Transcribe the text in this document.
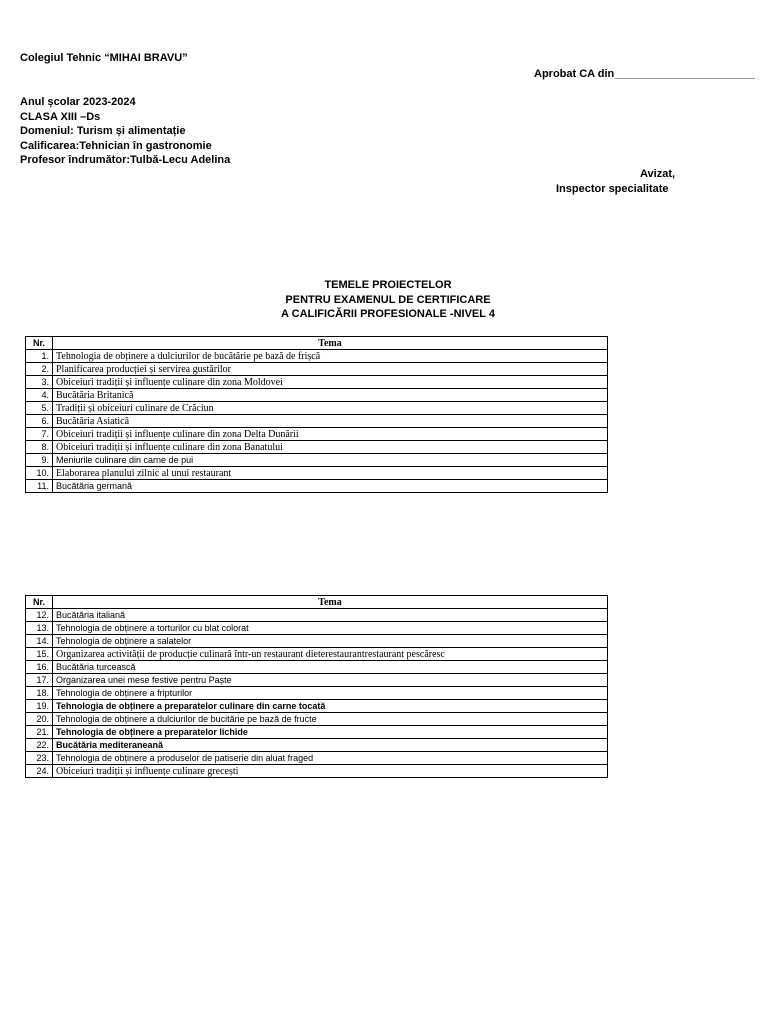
Colegiul Tehnic “MIHAI BRAVU”
Aprobat CA din_______________________
Anul școlar 2023-2024
CLASA XIII –Ds
Domeniul: Turism și alimentație
Calificarea:Tehnician în gastronomie
Profesor îndrumător:Tulbă-Lecu Adelina
Avizat,
Inspector specialitate
TEMELE PROIECTELOR
PENTRU EXAMENUL DE CERTIFICARE
A CALIFICĂRII PROFESIONALE -NIVEL 4
Nr.	Tema
1.	Tehnologia de obținere a dulciurilor de bucătărie pe bază de frișcă
2.	Planificarea producției și servirea gustărilor
3.	Obiceiuri tradiții și influențe culinare din zona Moldovei
4.	Bucătăria Britanică
5.	Tradiții și obiceiuri culinare de Crăciun
6.	Bucătăria Asiatică
7.	Obiceiuri tradiții și influențe culinare din zona Delta Dunării
8.	Obiceiuri tradiții și influențe culinare din zona Banatului
9.	Meniurile culinare din carne de pui
10.	Elaborarea planului zilnic al unui restaurant
11.	Bucătăria germană
Nr.	Tema
12.	Bucătăria italiană
13.	Tehnologia de obținere a torturilor cu blat colorat
14.	Tehnologia de obținere a salatelor
15.	Organizarea activității de producție culinară într-un restaurant dieterestaurantrestaurant pescăresc
16.	Bucătăria turcească
17.	Organizarea unei mese festive pentru Paște
18.	Tehnologia de obținere a fripturilor
19.	Tehnologia de obținere a preparatelor culinare din carne tocată
20.	Tehnologia de obținere a dulciurilor de bucitărie pe bază de fructe
21.	Tehnologia de obținere a preparatelor lichide
22.	Bucătăria mediteraneană
23.	Tehnologia de obținere a produselor de patiserie din aluat fraged
24.	Obiceiuri tradiții și influențe culinare grecești
